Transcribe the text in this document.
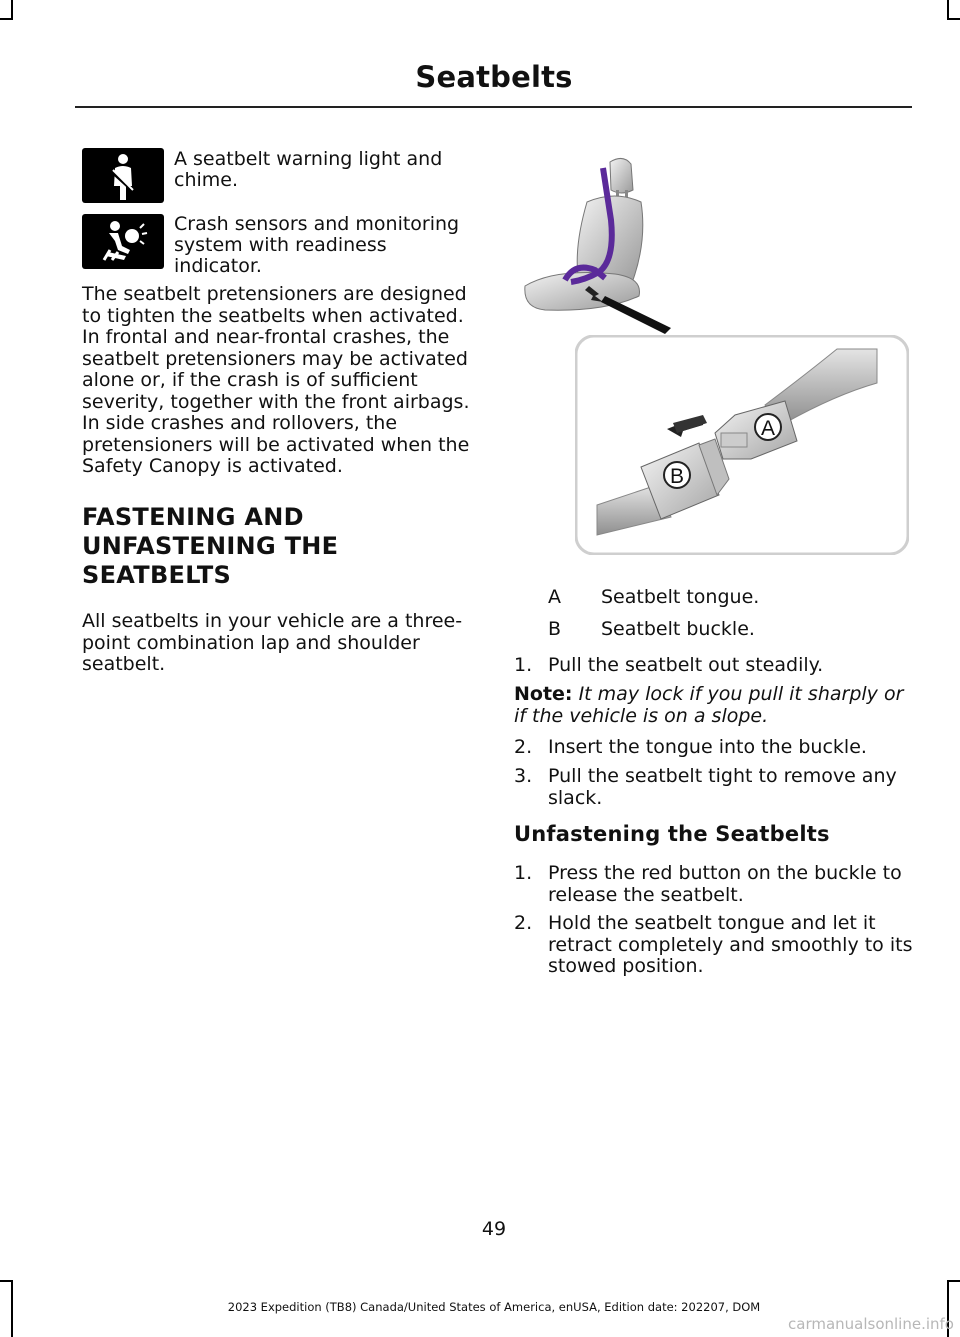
Seatbelts
A seatbelt warning light and chime.
Crash sensors and monitoring system with readiness indicator.
The seatbelt pretensioners are designed to tighten the seatbelts when activated. In frontal and near-frontal crashes, the seatbelt pretensioners may be activated alone or, if the crash is of sufficient severity, together with the front airbags. In side crashes and rollovers, the pretensioners will be activated when the Safety Canopy is activated.
FASTENING AND
UNFASTENING THE
SEATBELTS
All seatbelts in your vehicle are a three-point combination lap and shoulder seatbelt.
A
B
A Seatbelt tongue.
B Seatbelt buckle.
1. Pull the seatbelt out steadily.
Note: It may lock if you pull it sharply or if the vehicle is on a slope.
2. Insert the tongue into the buckle.
3. Pull the seatbelt tight to remove any slack.
Unfastening the Seatbelts
1. Press the red button on the buckle to release the seatbelt.
2. Hold the seatbelt tongue and let it retract completely and smoothly to its stowed position.
49
2023 Expedition (TB8) Canada/United States of America, enUSA, Edition date: 202207, DOM
carmanualsonline.info
